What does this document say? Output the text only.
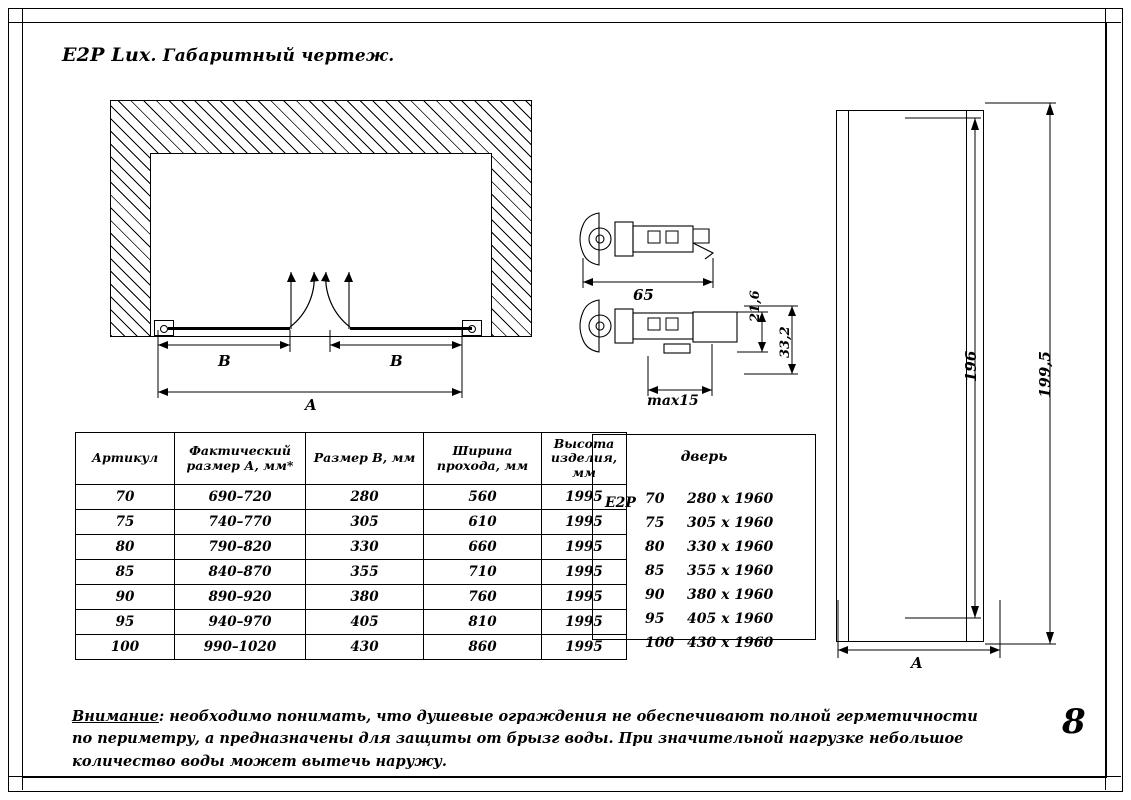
E2P Lux. Габаритный чертеж.
B	B
A
65	21,6
33,2
max15
196	199,5
A
Артикул	Фактический размер А, мм*	Размер В, мм	Ширина прохода, мм	Высота изделия, мм
70	690–720	280	560	1995
75	740–770	305	610	1995
80	790–820	330	660	1995
85	840–870	355	710	1995
90	890–920	380	760	1995
95	940–970	405	810	1995
100	990–1020	430	860	1995
дверь
E2P 70 280 x 1960
75 305 x 1960
80 330 x 1960
85 355 x 1960
90 380 x 1960
95 405 x 1960
100 430 x 1960
Внимание: необходимо понимать, что душевые ограждения не обеспечивают полной герметичности по периметру, а предназначены для защиты от брызг воды. При значительной нагрузке небольшое количество воды может вытечь наружу.
8
